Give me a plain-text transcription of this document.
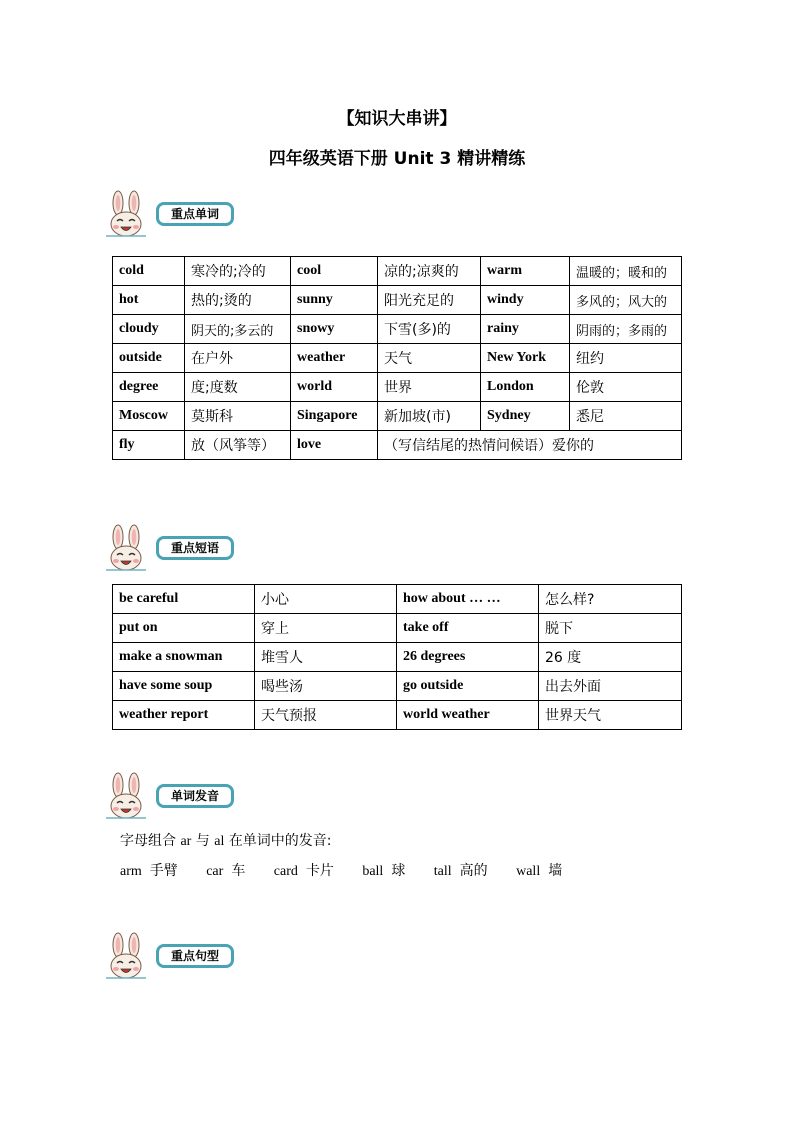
【知识大串讲】
四年级英语下册 Unit 3 精讲精练
重点单词
cold	寒冷的;冷的	cool	凉的;凉爽的	warm	温暖的；暖和的
hot	热的;烫的	sunny	阳光充足的	windy	多风的；风大的
cloudy	阴天的;多云的	snowy	下雪(多)的	rainy	阴雨的；多雨的
outside	在户外	weather	天气	New York	纽约
degree	度;度数	world	世界	London	伦敦
Moscow	莫斯科	Singapore	新加坡(市)	Sydney	悉尼
fly	放（风筝等）	love	（写信结尾的热情问候语）爱你的		
重点短语
be careful	小心	how about … …	怎么样?
put on	穿上	take off	脱下
make a snowman	堆雪人	26 degrees	26 度
have some soup	喝些汤	go outside	出去外面
weather report	天气预报	world weather	世界天气
单词发音
字母组合 ar 与 al 在单词中的发音:
arm 手臂 car 车 card 卡片 ball 球 tall 高的 wall 墙
重点句型
